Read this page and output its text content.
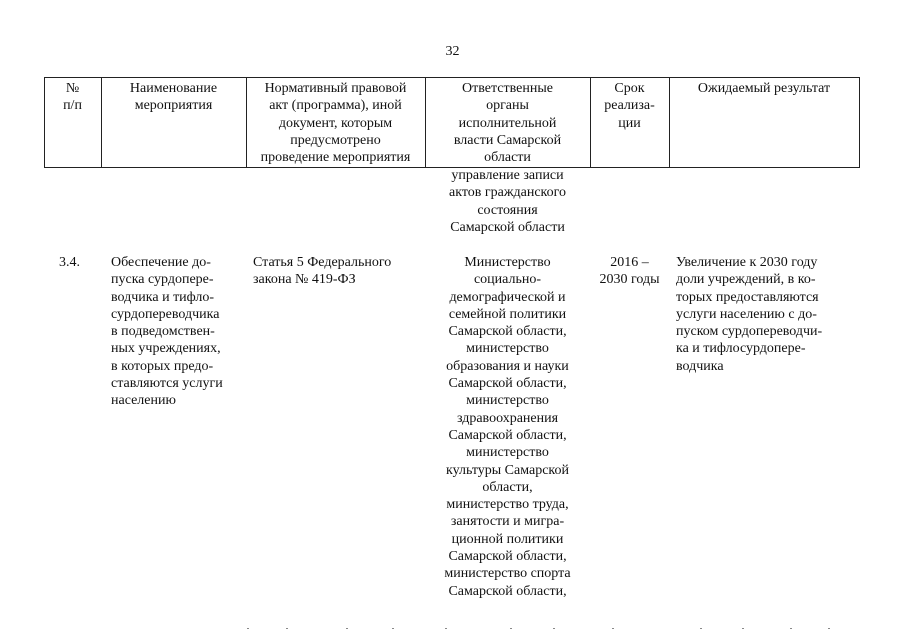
32
№
п/п
Наименование
мероприятия
Нормативный правовой
акт (программа), иной
документ, которым
предусмотрено
проведение мероприятия
Ответственные
органы
исполнительной
власти Самарской
области
Срок
реализа-
ции
Ожидаемый результат
управление записи
актов гражданского
состояния
Самарской области
3.4.	Обеспечение до-
пуска сурдопере-
водчика и тифло-
сурдопереводчика
в подведомствен-
ных учреждениях,
в которых предо-
ставляются услуги
населению
Статья 5 Федерального
закона № 419-ФЗ
Министерство
социально-
демографической и
семейной политики
Самарской области,
министерство
образования и науки
Самарской области,
министерство
здравоохранения
Самарской области,
министерство
культуры Самарской
области,
министерство труда,
занятости и мигра-
ционной политики
Самарской области,
министерство спорта
Самарской области,
2016 –
2030 годы
Увеличение к 2030 году
доли учреждений, в ко-
торых предоставляются
услуги населению с до-
пуском сурдопереводчи-
ка и тифлосурдопере-
водчика
